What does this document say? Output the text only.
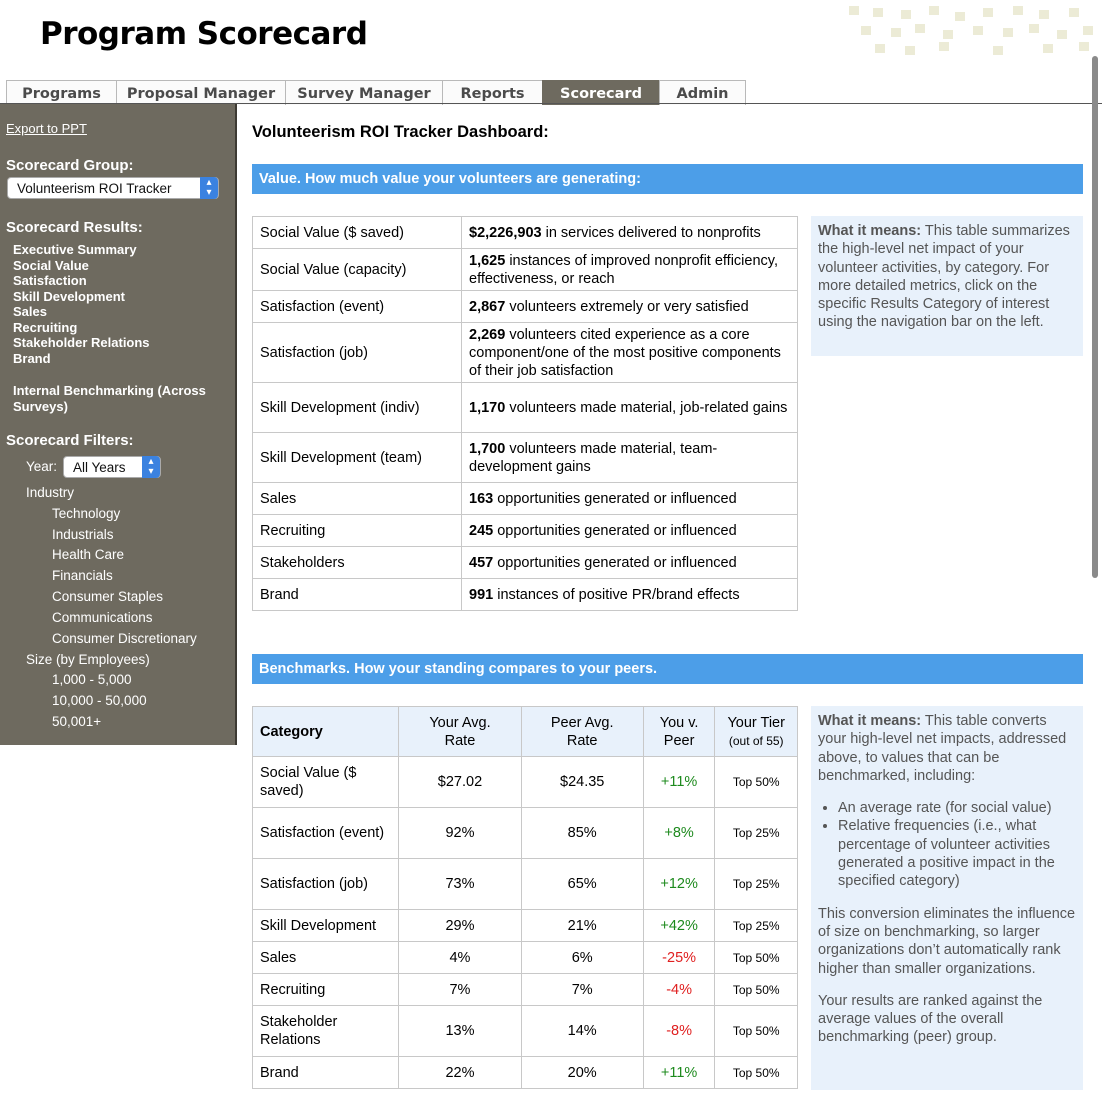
Program Scorecard
Programs	Proposal Manager	Survey Manager	Reports	Scorecard	Admin
Export to PPT
Scorecard Group:
Volunteerism ROI Tracker	▴
▾
Scorecard Results:
Executive Summary
Social Value
Satisfaction
Skill Development
Sales
Recruiting
Stakeholder Relations
Brand
Internal Benchmarking (Across Surveys)
Scorecard Filters:
Year: All Years	▴
▾
Industry
Technology
Industrials
Health Care
Financials
Consumer Staples
Communications
Consumer Discretionary
Size (by Employees)
1,000 - 5,000
10,000 - 50,000
50,001+
Volunteerism ROI Tracker Dashboard:
Value. How much value your volunteers are generating:
Social Value ($ saved)	$2,226,903 in services delivered to nonprofits
Social Value (capacity)	1,625 instances of improved nonprofit efficiency, effectiveness, or reach
Satisfaction (event)	2,867 volunteers extremely or very satisfied
Satisfaction (job)	2,269 volunteers cited experience as a core component/one of the most positive components of their job satisfaction
Skill Development (indiv)	1,170 volunteers made material, job-related gains
Skill Development (team)	1,700 volunteers made material, team-development gains
Sales	163 opportunities generated or influenced
Recruiting	245 opportunities generated or influenced
Stakeholders	457 opportunities generated or influenced
Brand	991 instances of positive PR/brand effects
What it means: This table summarizes the high-level net impact of your volunteer activities, by category. For more detailed metrics, click on the specific Results Category of interest using the navigation bar on the left.
Benchmarks. How your standing compares to your peers.
Category	Your Avg. Rate	Peer Avg. Rate	You v. Peer	Your Tier
(out of 55)
Social Value ($ saved)	$27.02	$24.35	+11%	Top 50%
Satisfaction (event)	92%	85%	+8%	Top 25%
Satisfaction (job)	73%	65%	+12%	Top 25%
Skill Development	29%	21%	+42%	Top 25%
Sales	4%	6%	-25%	Top 50%
Recruiting	7%	7%	-4%	Top 50%
Stakeholder Relations	13%	14%	-8%	Top 50%
Brand	22%	20%	+11%	Top 50%

What it means: This table converts your high-level net impacts, addressed above, to values that can be benchmarked, including:

• An average rate (for social value)
• Relative frequencies (i.e., what percentage of volunteer activities generated a positive impact in the specified category)

This conversion eliminates the influence of size on benchmarking, so larger organizations don’t automatically rank higher than smaller organizations.

Your results are ranked against the average values of the overall benchmarking (peer) group.
